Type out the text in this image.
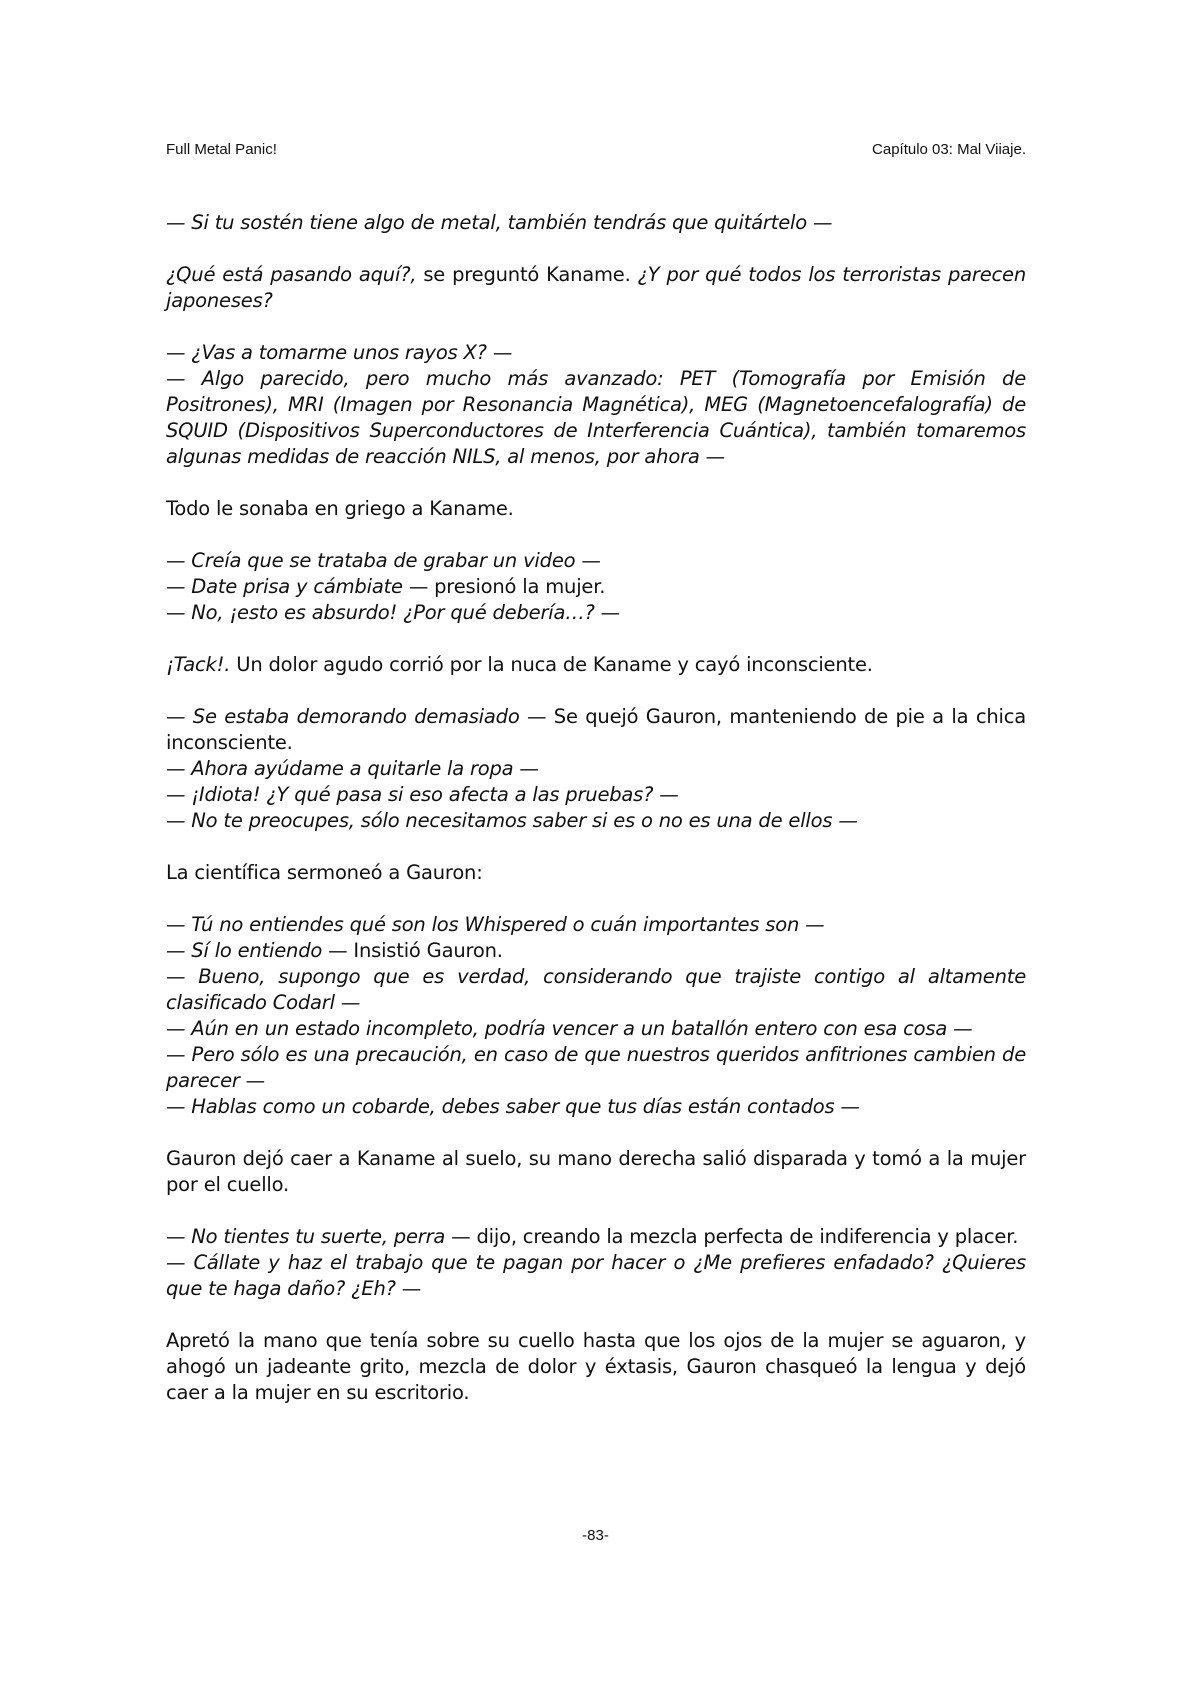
Full Metal Panic!	Capítulo 03: Mal Viiaje.

— Si tu sostén tiene algo de metal, también tendrás que quitártelo —

¿Qué está pasando aquí?, se preguntó Kaname. ¿Y por qué todos los terroristas parecen japoneses?

— ¿Vas a tomarme unos rayos X? —
— Algo parecido, pero mucho más avanzado: PET (Tomografía por Emisión de Positrones), MRI (Imagen por Resonancia Magnética), MEG (Magnetoencefalografía) de SQUID (Dispositivos Superconductores de Interferencia Cuántica), también tomaremos algunas medidas de reacción NILS, al menos, por ahora —

Todo le sonaba en griego a Kaname.

— Creía que se trataba de grabar un video —
— Date prisa y cámbiate — presionó la mujer.
— No, ¡esto es absurdo! ¿Por qué debería…? —

¡Tack!. Un dolor agudo corrió por la nuca de Kaname y cayó inconsciente.

— Se estaba demorando demasiado — Se quejó Gauron, manteniendo de pie a la chica inconsciente.
— Ahora ayúdame a quitarle la ropa —
— ¡Idiota! ¿Y qué pasa si eso afecta a las pruebas? —
— No te preocupes, sólo necesitamos saber si es o no es una de ellos —

La científica sermoneó a Gauron:

— Tú no entiendes qué son los Whispered o cuán importantes son —
— Sí lo entiendo — Insistió Gauron.
— Bueno, supongo que es verdad, considerando que trajiste contigo al altamente clasificado Codarl —
— Aún en un estado incompleto, podría vencer a un batallón entero con esa cosa —
— Pero sólo es una precaución, en caso de que nuestros queridos anfitriones cambien de parecer —
— Hablas como un cobarde, debes saber que tus días están contados —

Gauron dejó caer a Kaname al suelo, su mano derecha salió disparada y tomó a la mujer por el cuello.

— No tientes tu suerte, perra — dijo, creando la mezcla perfecta de indiferencia y placer.
— Cállate y haz el trabajo que te pagan por hacer o ¿Me prefieres enfadado? ¿Quieres que te haga daño? ¿Eh? —

Apretó la mano que tenía sobre su cuello hasta que los ojos de la mujer se aguaron, y ahogó un jadeante grito, mezcla de dolor y éxtasis, Gauron chasqueó la lengua y dejó caer a la mujer en su escritorio.

-83-
